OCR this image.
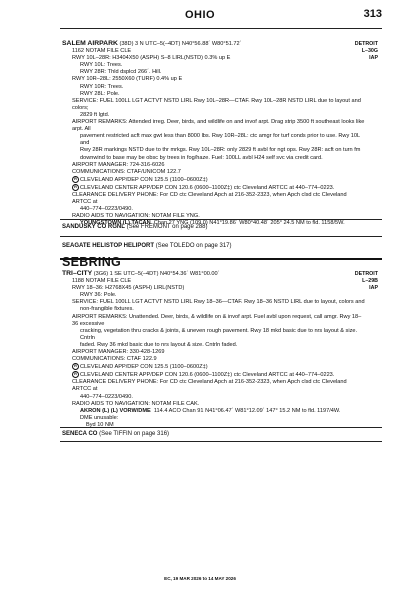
OHIO	313
DETROIT
L–30G
IAP
SALEM AIRPARK (38D) 3 N UTC–5(–4DT) N40°56.88´ W80°51.72´
1162 NOTAM FILE CLE
RWY 10L–28R: H3404X50 (ASPH) S–8 LIRL(NSTD) 0.3% up E
RWY 10L: Trees.
RWY 28R: Thld dsplcd 266´. Hill.
RWY 10R–28L: 2550X60 (TURF) 0.4% up E
RWY 10R: Trees.
RWY 28L: Pole.
SERVICE: FUEL 100LL LGT ACTVT NSTD LIRL Rwy 10L–28R—CTAF. Rwy 10L–28R NSTD LIRL due to layout and colors;
2829 ft lgtd.
AIRPORT REMARKS: Attended irreg. Deer, birds, and wildlife on and invof arpt. Drag strip 3500 ft southeast looks like arpt. All
pavement restricted acft max gwt less than 8000 lbs. Rwy 10R–28L: ctc amgr for turf conds prior to use. Rwy 10L and
Rwy 28R markings NSTD due to thr mrkgs. Rwy 10L–28R: only 2829 ft avbl for ngt ops. Rwy 28R: acft on turn fm
downwind to base may be obsc by trees in fog/haze. Fuel: 100LL avbl H24 self svc via credit card.
AIRPORT MANAGER: 724-316-6026
COMMUNICATIONS: CTAF/UNICOM 122.7
R CLEVELAND APP/DEP CON 125.5 (1100–0600Z‡)
R CLEVELAND CENTER APP/DEP CON 120.6 (0600–1100Z‡) ctc Cleveland ARTCC at 440–774–0223.
CLEARANCE DELIVERY PHONE: For CD ctc Cleveland Apch at 216-352-2323, when Apch clsd ctc Cleveland ARTCC at
440–774–0223/0490.
RADIO AIDS TO NAVIGATION: NOTAM FILE YNG.
YOUNGSTOWN (L) TACAN Chan 27 YNG (109.0) N41°19.86´ W80°40.48´ 205° 24.5 NM to fld. 1158/5W.
SANDUSKY CO RGNL (See FREMONT on page 288)
SEAGATE HELISTOP HELIPORT (See TOLEDO on page 317)
SEBRING
DETROIT
L–29B
IAP
TRI–CITY (3G6) 1 SE UTC–5(–4DT) N40°54.36´ W81°00.00´
1188 NOTAM FILE CLE
RWY 18–36: H2768X45 (ASPH) LIRL(NSTD)
RWY 36: Pole.
SERVICE: FUEL 100LL LGT ACTVT NSTD LIRL Rwy 18–36—CTAF. Rwy 18–36 NSTD LIRL due to layout, colors and
non-frangible fixtures.
AIRPORT REMARKS: Unattended. Deer, birds, & wildlife on & invof arpt. Fuel avbl upon request, call amgr. Rwy 18–36 excessive
cracking, vegetation thru cracks & joints, & uneven rough pavement. Rwy 18 mkd basic due to nrs layout & size. Cntrln
faded. Rwy 36 mkd basic due to nrs layout & size. Cntrln faded.
AIRPORT MANAGER: 330-428-1269
COMMUNICATIONS: CTAF 122.9
R CLEVELAND APP/DEP CON 125.5 (1100–0600Z‡)
R CLEVELAND CENTER APP/DEP CON 120.6 (0600–1100Z‡) ctc Cleveland ARTCC at 440–774–0223.
CLEARANCE DELIVERY PHONE: For CD ctc Cleveland Apch at 216-352-2323, when Apch clsd ctc Cleveland ARTCC at
440–774–0223/0490.
RADIO AIDS TO NAVIGATION: NOTAM FILE CAK.
AKRON (L) (L) VORW/DME 114.4 ACO Chan 91 N41°06.47´ W81°12.09´ 147° 15.2 NM to fld. 1197/4W.
DME unusable:
Byd 10 NM
SENECA CO (See TIFFIN on page 316)
EC, 19 MAR 2026 to 14 MAY 2026
